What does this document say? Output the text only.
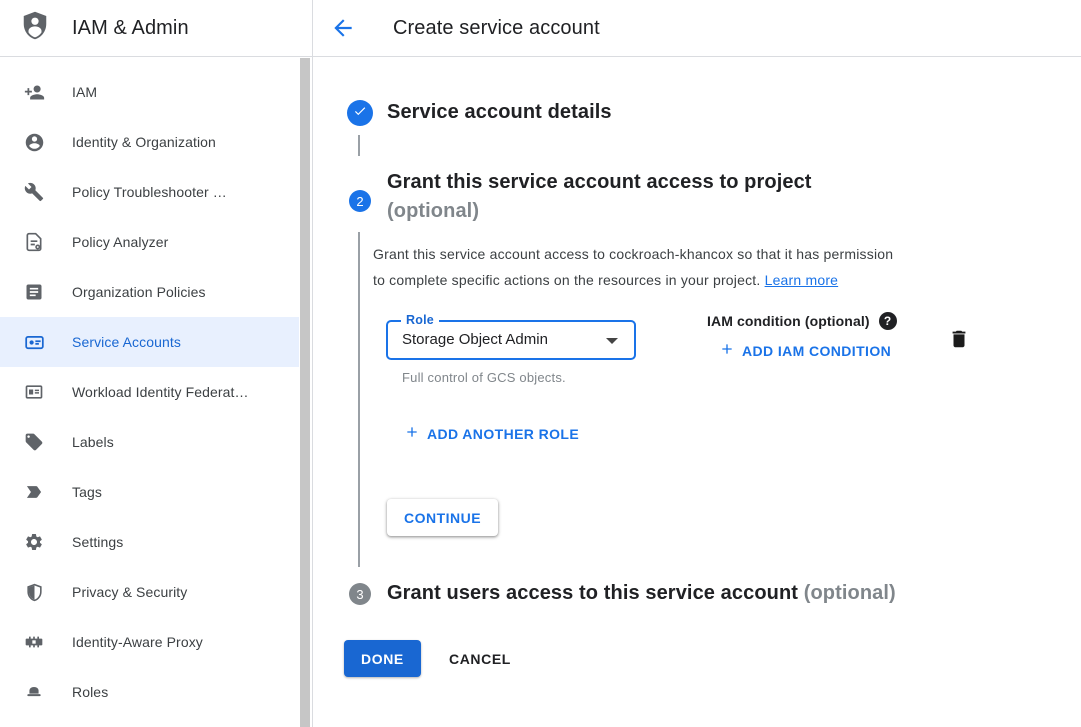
IAM & Admin	Create service account
IAM
Identity & Organization
Policy Troubleshooter …
Policy Analyzer
Organization Policies
Service Accounts
Workload Identity Federat…
Labels
Tags
Settings
Privacy & Security
Identity-Aware Proxy
Roles
Service account details
2
Grant this service account access to project
(optional)
Grant this service account access to cockroach-khancox so that it has permission
to complete specific actions on the resources in your project. Learn more
Role
Storage Object Admin
Full control of GCS objects.
IAM condition (optional)	?
ADD IAM CONDITION
ADD ANOTHER ROLE
CONTINUE
3 Grant users access to this service account (optional)
DONE	CANCEL
